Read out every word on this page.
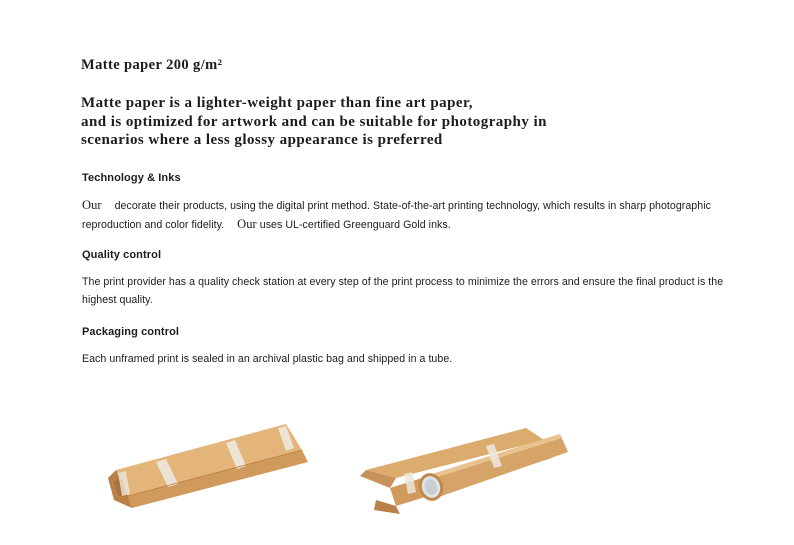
Matte paper 200 g/m²
Matte paper is a lighter-weight paper than fine art paper,
and is optimized for artwork and can be suitable for photography in
scenarios where a less glossy appearance is preferred
Technology & Inks
Our decorate their products, using the digital print method. State-of-the-art printing technology, which results in sharp photographic reproduction and color fidelity. Our uses UL-certified Greenguard Gold inks.
Quality control
The print provider has a quality check station at every step of the print process to minimize the errors and ensure the final product is the highest quality.
Packaging control
Each unframed print is sealed in an archival plastic bag and shipped in a tube.
